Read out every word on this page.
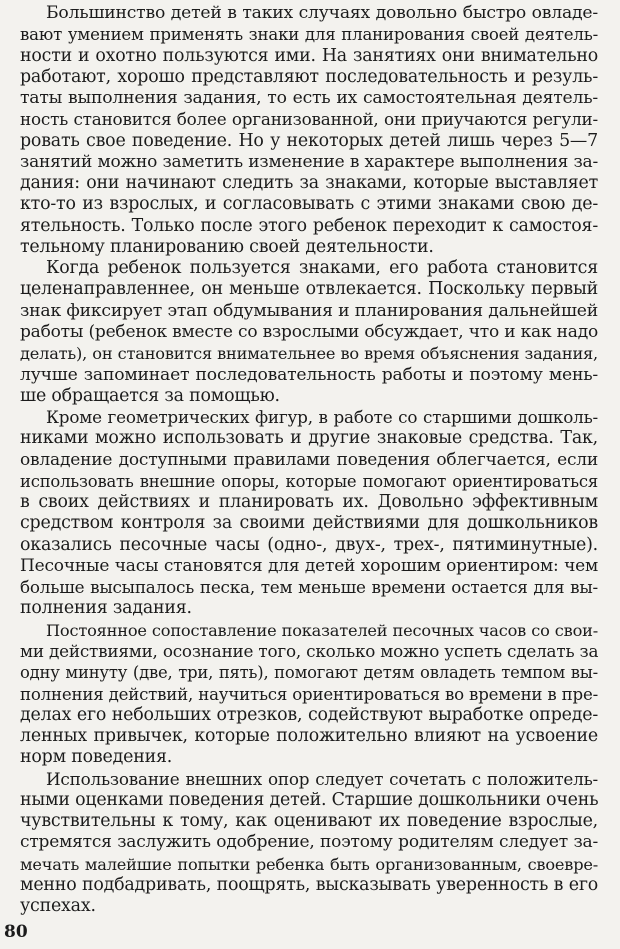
Большинство детей в таких случаях довольно быстро овладе-
вают умением применять знаки для планирования своей деятель-
ности и охотно пользуются ими. На занятиях они внимательно
работают, хорошо представляют последовательность и резуль-
таты выполнения задания, то есть их самостоятельная деятель-
ность становится более организованной, они приучаются регули-
ровать свое поведение. Но у некоторых детей лишь через 5—7
занятий можно заметить изменение в характере выполнения за-
дания: они начинают следить за знаками, которые выставляет
кто-то из взрослых, и согласовывать с этими знаками свою де-
ятельность. Только после этого ребенок переходит к самостоя-
тельному планированию своей деятельности.
Когда ребенок пользуется знаками, его работа становится
целенаправленнее, он меньше отвлекается. Поскольку первый
знак фиксирует этап обдумывания и планирования дальнейшей
работы (ребенок вместе со взрослыми обсуждает, что и как надо
делать), он становится внимательнее во время объяснения задания,
лучше запоминает последовательность работы и поэтому мень-
ше обращается за помощью.
Кроме геометрических фигур, в работе со старшими дошколь-
никами можно использовать и другие знаковые средства. Так,
овладение доступными правилами поведения облегчается, если
использовать внешние опоры, которые помогают ориентироваться
в своих действиях и планировать их. Довольно эффективным
средством контроля за своими действиями для дошкольников
оказались песочные часы (одно-, двух-, трех-, пятиминутные).
Песочные часы становятся для детей хорошим ориентиром: чем
больше высыпалось песка, тем меньше времени остается для вы-
полнения задания.
Постоянное сопоставление показателей песочных часов со свои-
ми действиями, осознание того, сколько можно успеть сделать за
одну минуту (две, три, пять), помогают детям овладеть темпом вы-
полнения действий, научиться ориентироваться во времени в пре-
делах его небольших отрезков, содействуют выработке опреде-
ленных привычек, которые положительно влияют на усвоение
норм поведения.
Использование внешних опор следует сочетать с положитель-
ными оценками поведения детей. Старшие дошкольники очень
чувствительны к тому, как оценивают их поведение взрослые,
стремятся заслужить одобрение, поэтому родителям следует за-
мечать малейшие попытки ребенка быть организованным, своевре-
менно подбадривать, поощрять, высказывать уверенность в его
успехах.
80
